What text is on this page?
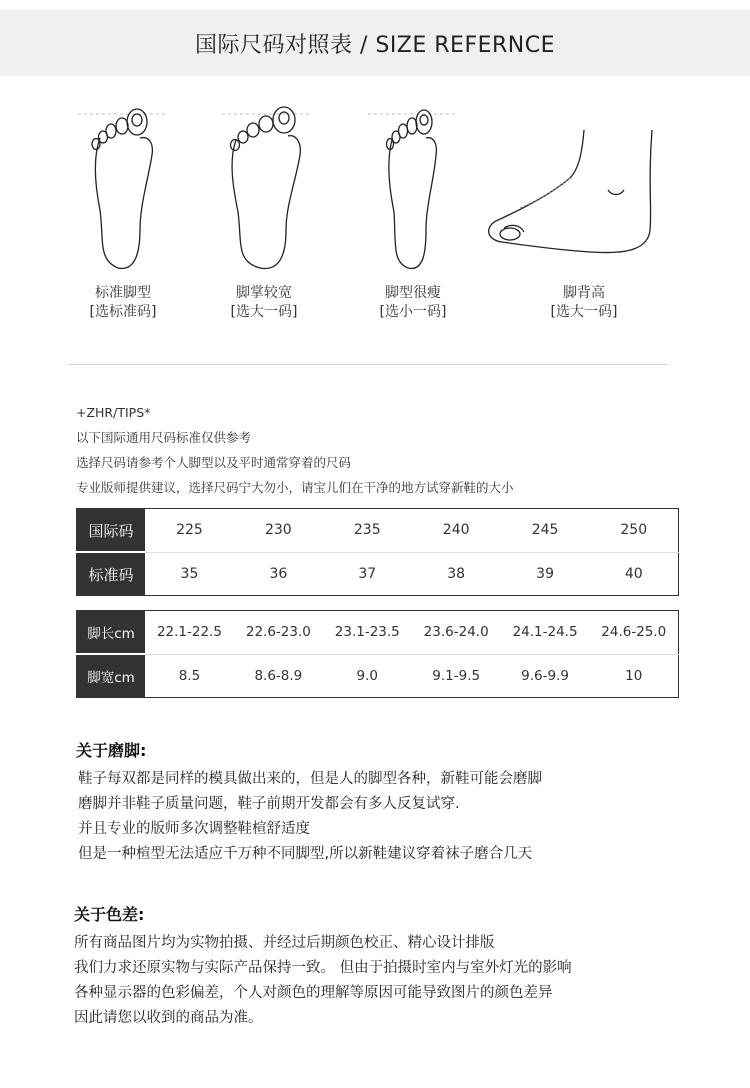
国际尺码对照表 / SIZE REFERNCE
标准脚型
[选标准码]
脚掌较宽
[选大一码]
脚型很瘦
[选小一码]
脚背高
[选大一码]
+ZHR/TIPS*
以下国际通用尺码标准仅供参考
选择尺码请参考个人脚型以及平时通常穿着的尺码
专业版师提供建议，选择尺码宁大勿小，请宝儿们在干净的地方试穿新鞋的大小
国际码	225	230	235	240	245	250
标准码	35	36	37	38	39	40
脚长cm	22.1-22.5	22.6-23.0	23.1-23.5	23.6-24.0	24.1-24.5	24.6-25.0
脚宽cm	8.5	8.6-8.9	9.0	9.1-9.5	9.6-9.9	10
关于磨脚:
鞋子每双都是同样的模具做出来的，但是人的脚型各种，新鞋可能会磨脚
磨脚并非鞋子质量问题，鞋子前期开发都会有多人反复试穿.
并且专业的版师多次调整鞋楦舒适度
但是一种楦型无法适应千万种不同脚型,所以新鞋建议穿着袜子磨合几天
关于色差:
所有商品图片均为实物拍摄、并经过后期颜色校正、精心设计排版
我们力求还原实物与实际产品保持一致。 但由于拍摄时室内与室外灯光的影响
各种显示器的色彩偏差，个人对颜色的理解等原因可能导致图片的颜色差异
因此请您以收到的商品为准。
